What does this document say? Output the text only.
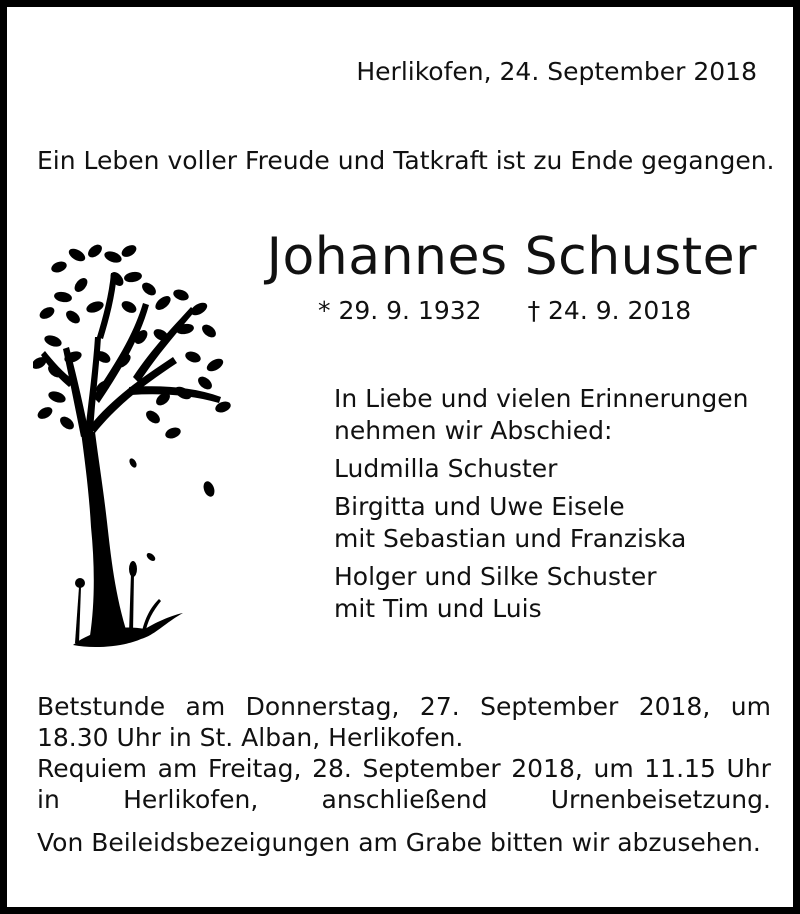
Herlikofen, 24. September 2018
Ein Leben voller Freude und Tatkraft ist zu Ende gegangen.
Johannes Schuster
* 29. 9. 1932 † 24. 9. 2018
In Liebe und vielen Erinnerungen
nehmen wir Abschied:
Ludmilla Schuster
Birgitta und Uwe Eisele
mit Sebastian und Franziska
Holger und Silke Schuster
mit Tim und Luis
Betstunde am Donnerstag, 27. September 2018, um
18.30 Uhr in St. Alban, Herlikofen.
Requiem am Freitag, 28. September 2018, um 11.15 Uhr
in	Herlikofen,	anschließend	Urnenbeisetzung.
Von Beileidsbezeigungen am Grabe bitten wir abzusehen.
